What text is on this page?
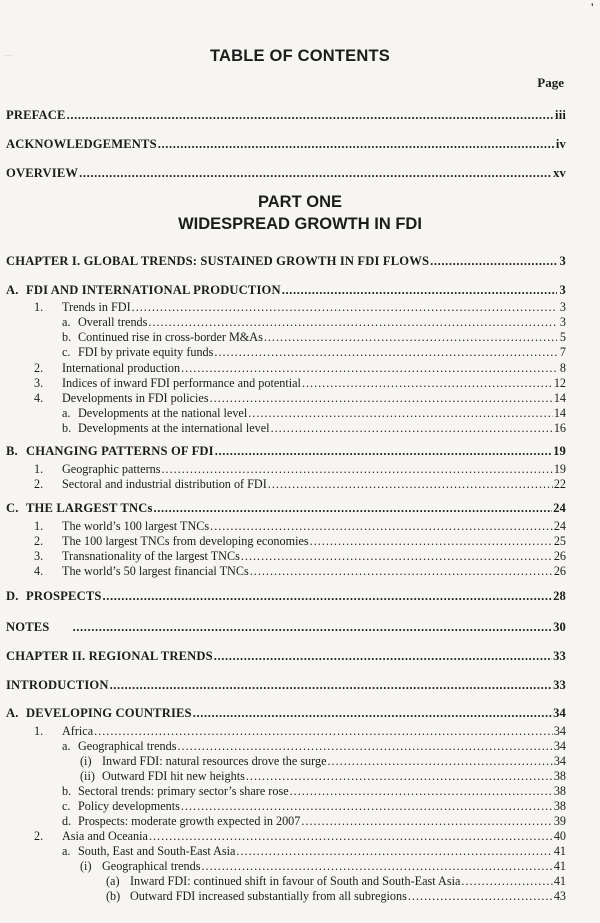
'
—	TABLE OF CONTENTS
Page
PART ONE
WIDESPREAD GROWTH IN FDI
PREFACE .....	iii
ACKNOWLEDGEMENTS .....	iv
OVERVIEW .....	xv
CHAPTER I. GLOBAL TRENDS: SUSTAINED GROWTH IN FDI FLOWS .....	3
A. FDI AND INTERNATIONAL PRODUCTION .....	3
1.	Trends in FDI .....	3
a. Overall trends .....	3
b. Continued rise in cross-border M&As .....	5
c. FDI by private equity funds .....	7
2.	International production .....	8
3.	Indices of inward FDI performance and potential .....	12
4.	Developments in FDI policies .....	14
a. Developments at the national level .....	14
b. Developments at the international level .....	16
B. CHANGING PATTERNS OF FDI .....	19
1.	Geographic patterns .....	19
2.	Sectoral and industrial distribution of FDI .....	22
C. THE LARGEST TNCs .....	24
1.	The world’s 100 largest TNCs .....	24
2.	The 100 largest TNCs from developing economies .....	25
3.	Transnationality of the largest TNCs .....	26
4.	The world’s 50 largest financial TNCs .....	26
D. PROSPECTS .....	28
NOTES .....	30
CHAPTER II. REGIONAL TRENDS .....	33
INTRODUCTION .....	33
A. DEVELOPING COUNTRIES .....	34
1.	Africa .....	34
a. Geographical trends .....	34
(i) Inward FDI: natural resources drove the surge .....	34
(ii) Outward FDI hit new heights .....	38
b. Sectoral trends: primary sector’s share rose .....	38
c. Policy developments .....	38
d. Prospects: moderate growth expected in 2007 .....	39
2.	Asia and Oceania .....	40
a. South, East and South-East Asia .....	41
(i) Geographical trends .....	41
(a) Inward FDI: continued shift in favour of South and South-East Asia .....	41
(b) Outward FDI increased substantially from all subregions .....	43
